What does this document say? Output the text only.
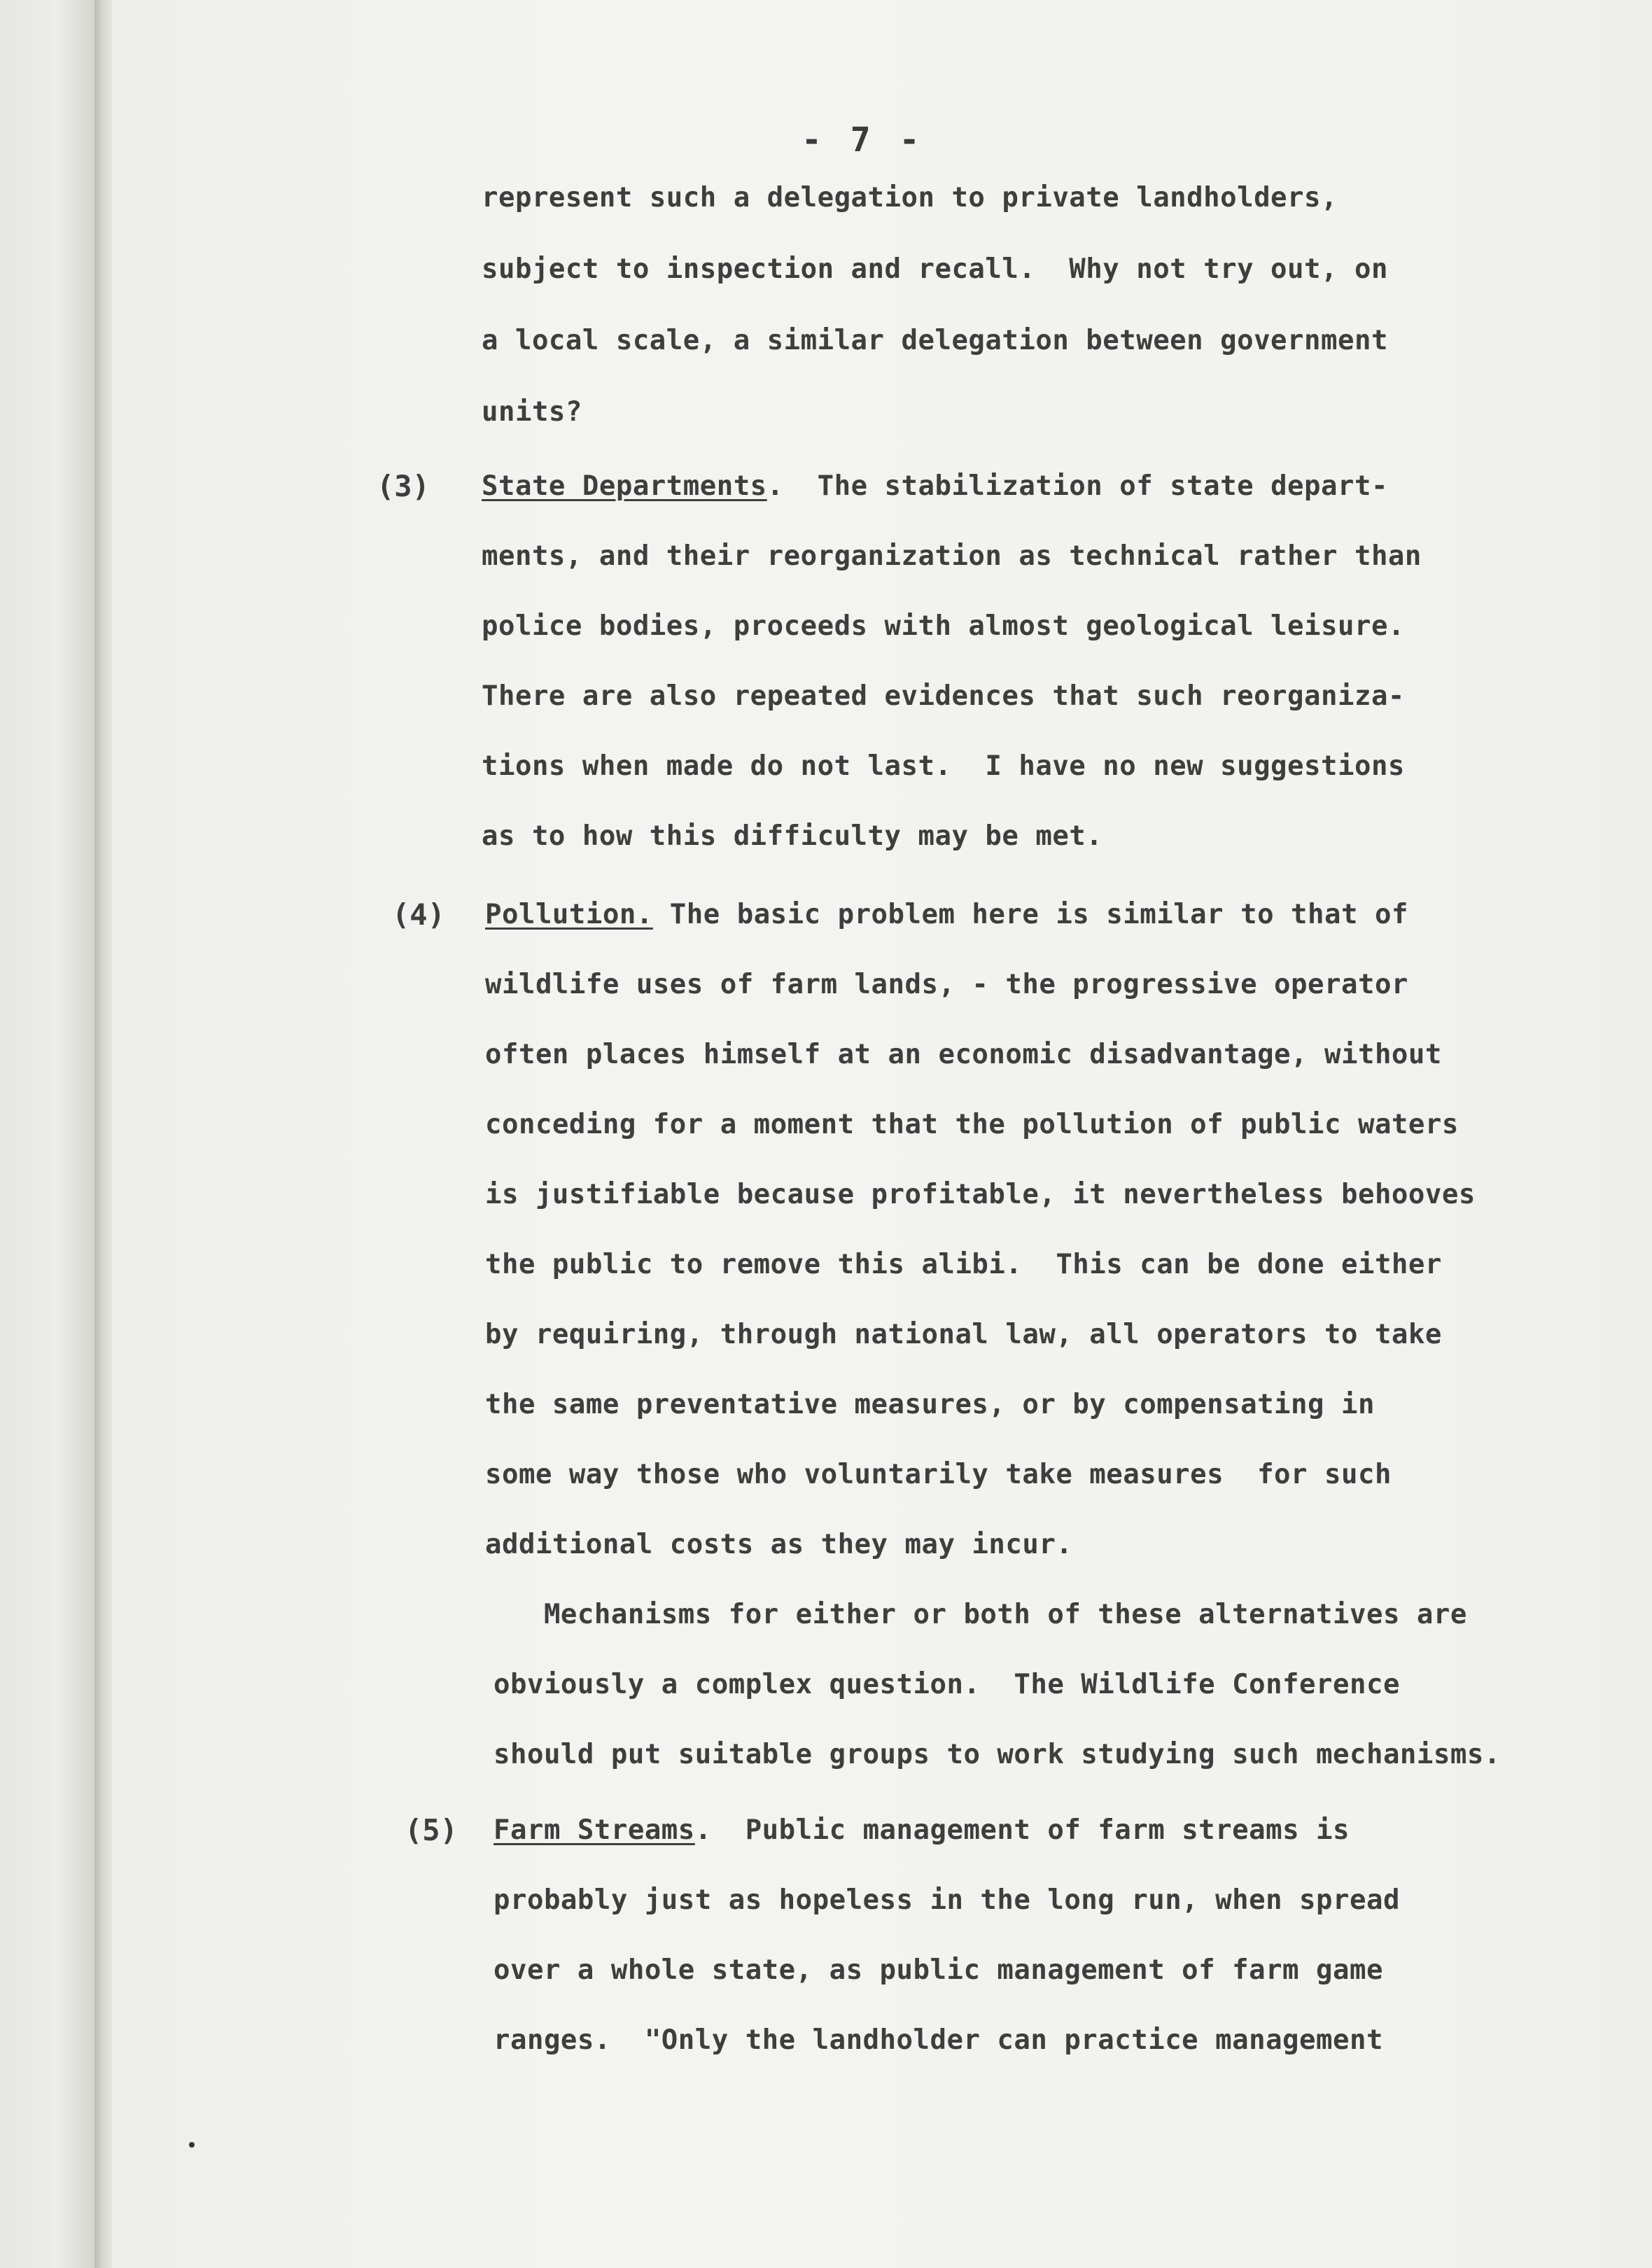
- 7 -
represent such a delegation to private landholders,
subject to inspection and recall.  Why not try out, on
a local scale, a similar delegation between government
units?
(3) State Departments.  The stabilization of state depart-
ments, and their reorganization as technical rather than
police bodies, proceeds with almost geological leisure.
There are also repeated evidences that such reorganiza-
tions when made do not last.  I have no new suggestions
as to how this difficulty may be met.
(4) Pollution. The basic problem here is similar to that of
wildlife uses of farm lands, - the progressive operator
often places himself at an economic disadvantage, without
conceding for a moment that the pollution of public waters
is justifiable because profitable, it nevertheless behooves
the public to remove this alibi.  This can be done either
by requiring, through national law, all operators to take
the same preventative measures, or by compensating in
some way those who voluntarily take measures  for such
additional costs as they may incur.
Mechanisms for either or both of these alternatives are
obviously a complex question.  The Wildlife Conference
should put suitable groups to work studying such mechanisms.
(5) Farm Streams.  Public management of farm streams is
probably just as hopeless in the long run, when spread
over a whole state, as public management of farm game
ranges.  "Only the landholder can practice management
